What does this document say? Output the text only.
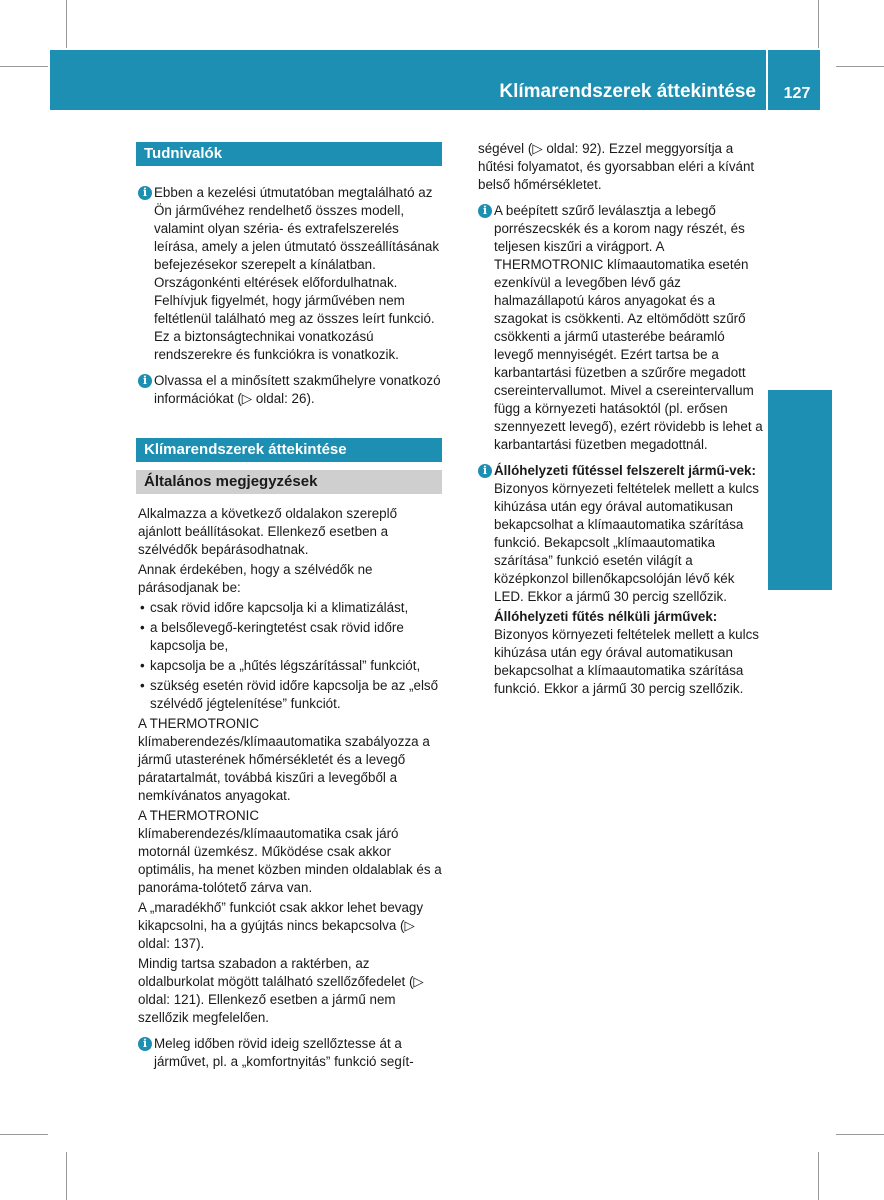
Klímarendszerek áttekintése	127
Klimatizálás
Tudnivalók
i Ebben a kezelési útmutatóban megtalálható az Ön járművéhez rendelhető összes modell, valamint olyan széria- és extrafelszerelés leírása, amely a jelen útmutató összeállításának befejezésekor szerepelt a kínálatban. Országonkénti eltérések előfordulhatnak. Felhívjuk figyelmét, hogy járművében nem feltétlenül található meg az összes leírt funkció. Ez a biztonságtechnikai vonatkozású rendszerekre és funkciókra is vonatkozik.
i Olvassa el a minősített szakműhelyre vonatkozó információkat (▷ oldal: 26).
Klímarendszerek áttekintése
Általános megjegyzések

Alkalmazza a következő oldalakon szereplő ajánlott beállításokat. Ellenkező esetben a szélvédők bepárásodhatnak.

Annak érdekében, hogy a szélvédők ne párásodjanak be:

• csak rövid időre kapcsolja ki a klimatizálást,
• a belsőlevegő-keringtetést csak rövid időre kapcsolja be,
• kapcsolja be a „hűtés légszárítással” funkciót,
• szükség esetén rövid időre kapcsolja be az „első szélvédő jégtelenítése” funkciót.

A THERMOTRONIC klímaberendezés/klímaautomatika szabályozza a jármű utasterének hőmérsékletét és a levegő páratartalmát, továbbá kiszűri a levegőből a nemkívánatos anyagokat.

A THERMOTRONIC klímaberendezés/klímaautomatika csak járó motornál üzemkész. Működése csak akkor optimális, ha menet közben minden oldalablak és a panoráma-tolótető zárva van.

A „maradékhő” funkciót csak akkor lehet bevagy kikapcsolni, ha a gyújtás nincs bekapcsolva (▷ oldal: 137).

Mindig tartsa szabadon a raktérben, az oldalburkolat mögött található szellőzőfedelet (▷ oldal: 121). Ellenkező esetben a jármű nem szellőzik megfelelően.

i Meleg időben rövid ideig szellőztesse át a járművet, pl. a „komfortnyitás” funkció segít-

ségével (▷ oldal: 92). Ezzel meggyorsítja a hűtési folyamatot, és gyorsabban eléri a kívánt belső hőmérsékletet.

i A beépített szűrő leválasztja a lebegő porrészecskék és a korom nagy részét, és teljesen kiszűri a virágport. A THERMOTRONIC klímaautomatika esetén ezenkívül a levegőben lévő gáz halmazállapotú káros anyagokat és a szagokat is csökkenti. Az eltömődött szűrő csökkenti a jármű utasterébe beáramló levegő mennyiségét. Ezért tartsa be a karbantartási füzetben a szűrőre megadott csereintervallumot. Mivel a csereintervallum függ a környezeti hatásoktól (pl. erősen szennyezett levegő), ezért rövidebb is lehet a karbantartási füzetben megadottnál.
i Állóhelyzeti fűtéssel felszerelt jármű-vek: Bizonyos környezeti feltételek mellett a kulcs kihúzása után egy órával automatikusan bekapcsolhat a klímaautomatika szárítása funkció. Bekapcsolt „klímaautomatika szárítása” funkció esetén világít a középkonzol billenőkapcsolóján lévő kék LED. Ekkor a jármű 30 percig szellőzik.

Állóhelyzeti fűtés nélküli járművek: Bizonyos környezeti feltételek mellett a kulcs kihúzása után egy órával automatikusan bekapcsolhat a klímaautomatika szárítása funkció. Ekkor a jármű 30 percig szellőzik.
